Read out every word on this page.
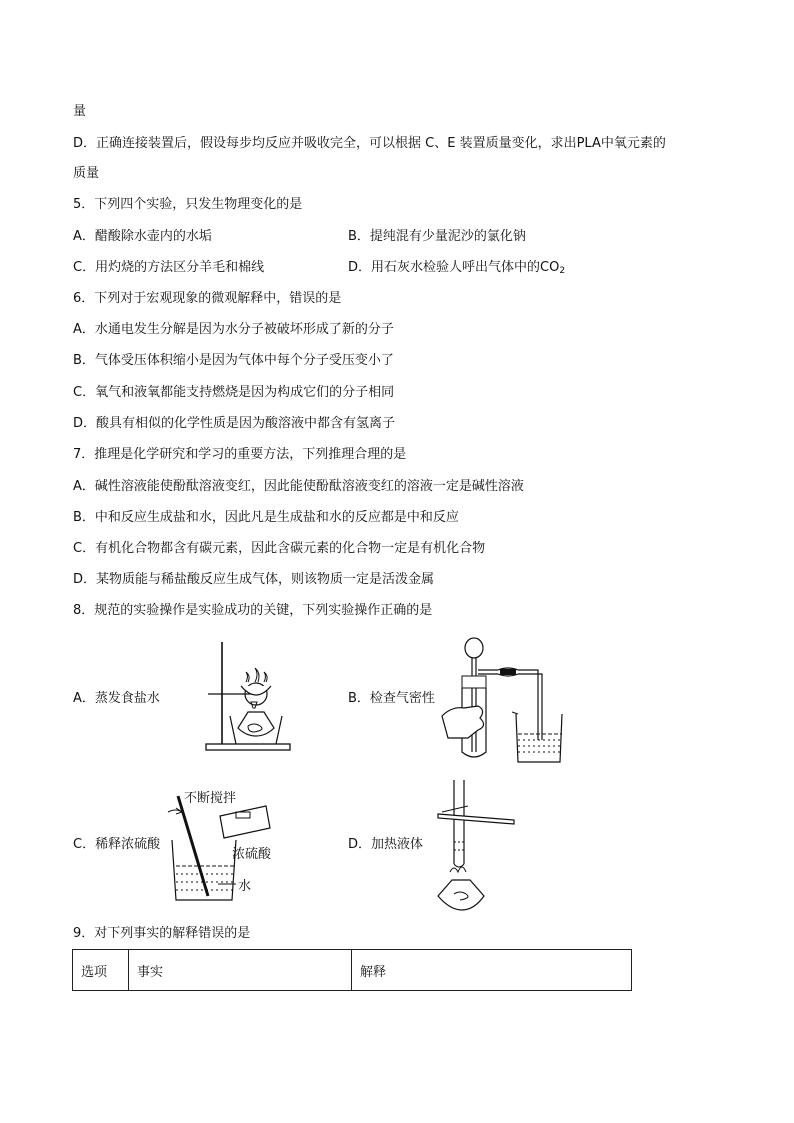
量
D．正确连接装置后，假设每步均反应并吸收完全，可以根据 C、E 装置质量变化，求出PLA中氧元素的
质量
5．下列四个实验，只发生物理变化的是
A．醋酸除水壶内的水垢	B．提纯混有少量泥沙的氯化钠
C．用灼烧的方法区分羊毛和棉线	D．用石灰水检验人呼出气体中的$CO_2$
6．下列对于宏观现象的微观解释中，错误的是
A．水通电发生分解是因为水分子被破坏形成了新的分子
B．气体受压体积缩小是因为气体中每个分子受压变小了
C．氧气和液氧都能支持燃烧是因为构成它们的分子相同
D．酸具有相似的化学性质是因为酸溶液中都含有氢离子
7．推理是化学研究和学习的重要方法，下列推理合理的是
A．碱性溶液能使酚酞溶液变红，因此能使酚酞溶液变红的溶液一定是碱性溶液
B．中和反应生成盐和水，因此凡是生成盐和水的反应都是中和反应
C．有机化合物都含有碳元素，因此含碳元素的化合物一定是有机化合物
D．某物质能与稀盐酸反应生成气体，则该物质一定是活泼金属
8．规范的实验操作是实验成功的关键，下列实验操作正确的是
A．蒸发食盐水	B．检查气密性
C．稀释浓硫酸	D．加热液体
不断搅拌
浓硫酸
水
9．对下列事实的解释错误的是
选项	事实	解释
